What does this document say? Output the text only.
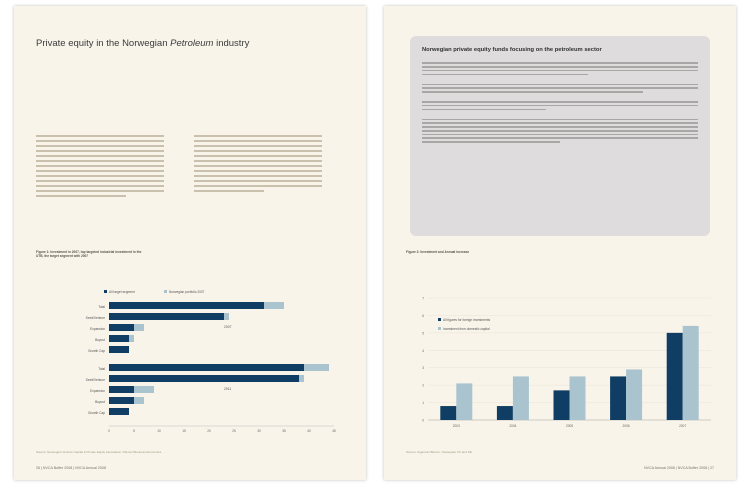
Private equity in the Norwegian Petroleum industry
Figure 1: Investment in 2007, top targeted industrial investment in the
UTB, the target segment with 2007
All target segment	Norwegian portfolio 2007
Total
Seed/Venture
Expansion
Buyout
Growth Cap
2007
Total
Seed/Venture
Expansion
Buyout
Growth Cap
2011
0	5	10	15	20	25	30	35	40	45
Source: Norwegian Venture Capital & Private Equity Association / Menon Business Economics
26 | NVCA Buffer 2008 | NVCA Annual 2008
Norwegian private equity funds focusing on the petroleum sector
Figure 2: Investment and Annual increase
0
1
2
3
4
5
6
7
All figures for foreign investments
Investment from domestic capital
2003	2004	2005	2006	2007
Source: Argentum/Menon, Norwegian VC and PE
NVCA Annual 2008 | NVCA Buffer 2008 | 27
